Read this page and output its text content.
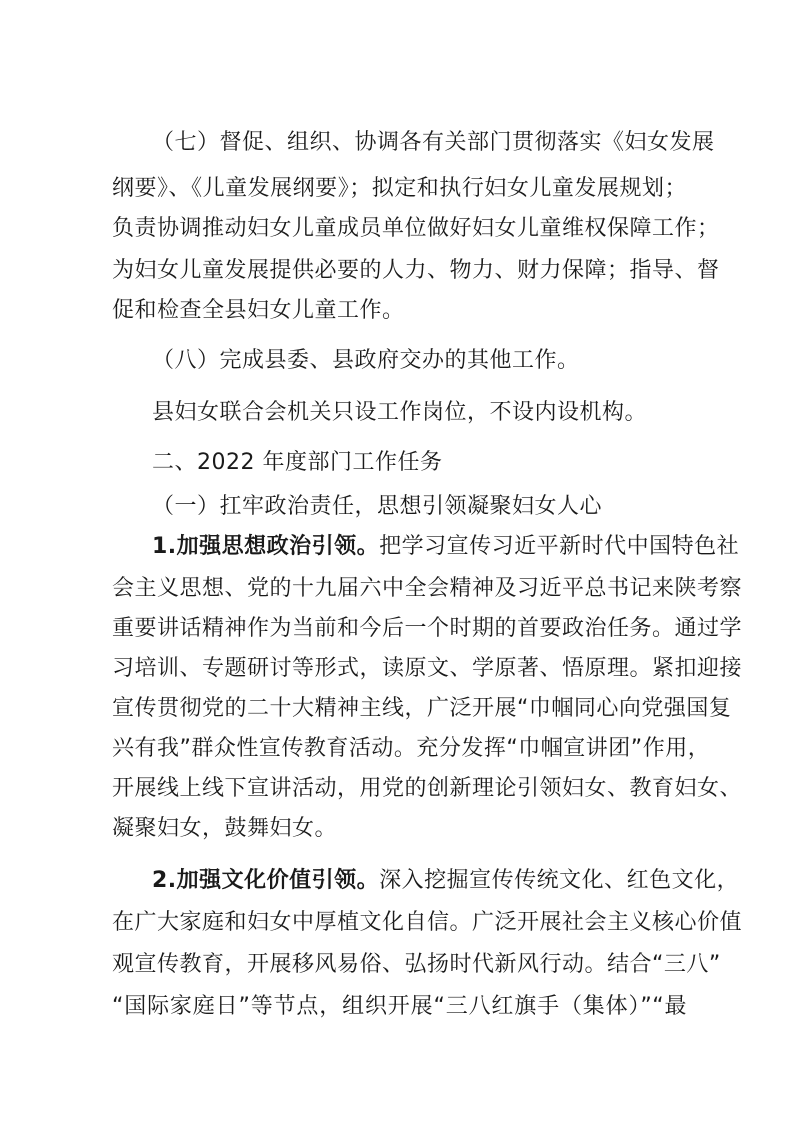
（七）督促、组织、协调各有关部门贯彻落实《妇女发展
纲要》、《儿童发展纲要》；拟定和执行妇女儿童发展规划；
负责协调推动妇女儿童成员单位做好妇女儿童维权保障工作；
为妇女儿童发展提供必要的人力、物力、财力保障；指导、督
促和检查全县妇女儿童工作。
（八）完成县委、县政府交办的其他工作。
县妇女联合会机关只设工作岗位，不设内设机构。
二、2022 年度部门工作任务
（一）扛牢政治责任，思想引领凝聚妇女人心
1.加强思想政治引领。把学习宣传习近平新时代中国特色社
会主义思想、党的十九届六中全会精神及习近平总书记来陕考察
重要讲话精神作为当前和今后一个时期的首要政治任务。通过学
习培训、专题研讨等形式，读原文、学原著、悟原理。紧扣迎接
宣传贯彻党的二十大精神主线，广泛开展“巾帼同心向党强国复
兴有我”群众性宣传教育活动。充分发挥“巾帼宣讲团”作用，
开展线上线下宣讲活动，用党的创新理论引领妇女、教育妇女、
凝聚妇女，鼓舞妇女。
2.加强文化价值引领。深入挖掘宣传传统文化、红色文化，
在广大家庭和妇女中厚植文化自信。广泛开展社会主义核心价值
观宣传教育，开展移风易俗、弘扬时代新风行动。结合“三八”
“国际家庭日”等节点，组织开展“三八红旗手（集体）”“最
